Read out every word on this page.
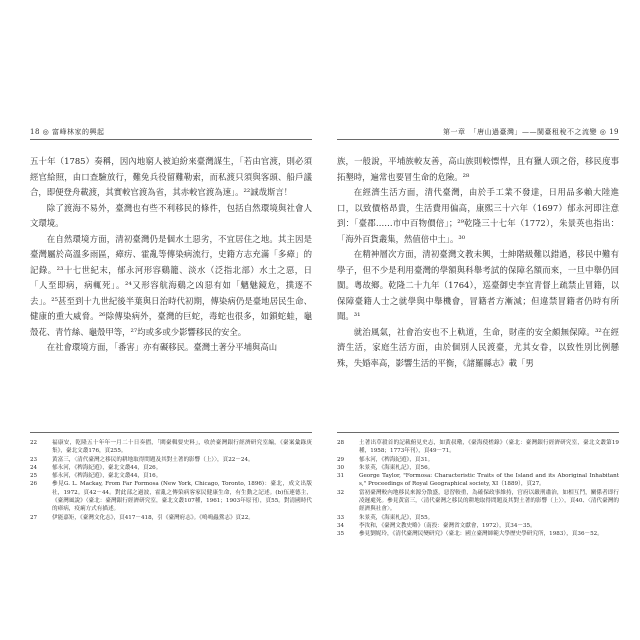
18 ◎ 富峰林家的興起

五十年（1785）奏稱，因內地窮人被迫紛來臺灣謀生，「若由官渡，則必須經官給照，由口查驗放行，難免兵役留難勒索，而私渡只須與客頭、船戶議合，即便登舟載渡，其實較官渡為省，其赤較官渡為速」。²²誠哉斯言！

除了渡海不易外，臺灣也有些不利移民的條件，包括自然環境與社會人文環境。

在自然環境方面，清初臺灣仍是個水土惡劣，不宜居住之地。其主因是臺灣屬於高溫多雨區，瘴疠、霍亂等傳染病流行，史籍方志充滿「多瘴」的記錄。²³十七世紀末，郁永河形容鷄籠、淡水（泛指北部）水土之惡，日「人至即病，病輒死」。²⁴又形容航海鷄之凶惡有如「魑魅鏡危，撲逐不去」。²⁵甚至到十九世紀後半葉與日治時代初期，傳染病仍是臺地居民生命、健康的重大威脅。²⁶除傳染病外，臺灣的巨蛇，毒蛇也很多，如鎖蛇蛙，龜殼花、青竹絲、龜殼甲等，²⁷均或多或少影響移民的安全。

在社會環境方面，「番害」亦有礙移民。臺灣土著分平埔與高山

22	福康安，乾隆五十年年一月二十日奏摺，「閩臺輯要史料」，收於臺灣銀行經濟研究室編，《臺案彙錄庚集》，臺北文叢176，頁255。
23	黃富三，〈清代臺灣之移民的耕地取得問題及其對土著的影響（上）〉，頁22－24。
24	郁永河，《稗海紀遊》，臺北文叢44，頁26。
25	郁永河，《稗海紀遊》，臺北文叢44，頁16。
26	參見G. L. Mackay, From Far Formosa (New York, Chicago, Toronto, 1896)：臺北，成文出版社，1972。頁42－44。對此部之過波，霍亂之傳染病客家民健康生命，有生動之記述。(b)伍連德主，《臺灣風說》（臺北：臺灣銀行經濟研究室，臺北文叢107種，1961；1903年原刊），頁55。對清國時代的瘴病，疫痢方式有描述。
27	伊能嘉矩，《臺灣文化志》，頁417－418，引《臺灣府志》。《鳴鳴蟲鶯志》頁22。
第一章　「唐山過臺灣」——閩臺租稅不之流變 ◎ 19

族，一般說，平埔族較友善，高山族則較慓悍，且有獵人頭之俗，移民度事拓墾時，遍常也要冒生命的危險。²⁸

在經濟生活方面，清代臺灣，由於手工業不發達，日用品多賴大陸進口，以致價格昂貴，生活費用偏高，康熙三十六年（1697）郁永河即注意到：「臺郡……市中百物價倍」；²⁹乾隆三十七年（1772），朱景英也指出：「海外百貨叢集，然值倍中土」。³⁰

在精神層次方面，清初臺灣文教未興，士紳階級難以錯過，移民中難有學子，但不少是利用臺灣的學額與科舉考試的保障名額而來，一旦中舉仍回閩。粵故鄉。乾隆二十九年（1764），巡臺御史李宜青督上疏禁止冒籍，以保障臺籍人士之就學與中舉機會，冒籍者方漸減；但違禁冒籍者仍時有所聞。³¹

就治風氣，社會治安也不上軌道，生命，財產的安全頗無保障。³²在經濟生活，家庭生活方面，由於個別人民渡臺，尤其女眷，以致性別比例懸殊，失婚率高，影響生活的平衡，《諸羅縣志》載「男

28	土著出草殺首的記載俯見史志，如黃叔璥，《臺海使槎錄》（臺北：臺灣銀行經濟研究室，臺北文叢第19種，1958；1773年刊），頁49－71。
29	郁永河，《稗海紀遊》，頁31。
30	朱景英，《海東札記》，頁56。
31	George Taylor, "Formosa: Characteristic Traits of the Island and its Aboriginal Inhabitants," Proceedings of Royal Geographical society, XI（1889），頁27。
32	當初臺灣較內地移民來源分散盛，惡習較重，為確保政事維持，官府以嚴刑肅治，如相互鬥，關係者即行凌遲處死。參見黃富三，〈清代臺灣之移民的耕地取得問題及其對土著的影響（上）〉，頁40、〈清代臺灣的經濟與社會〉。
33	朱景英，《海東札記》，頁55。
34	李汝和，《臺灣文教史略》（南投：臺灣省文獻會，1972），頁34－35。
35	參見劉妮玲，《清代臺灣民變研究》（臺北：國立臺灣師範大學歷史學研究所，1983），頁36－52。
